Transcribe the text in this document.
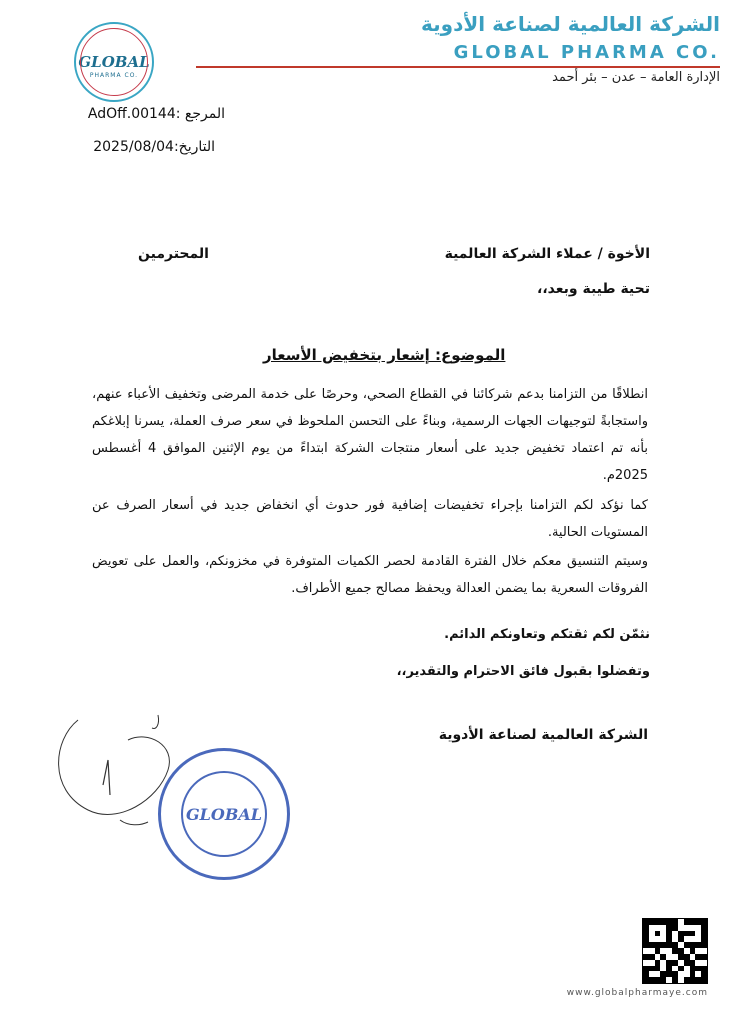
GLOBAL
PHARMA CO.
الشركة العالمية لصناعة الأدوية
GLOBAL PHARMA CO.
الإدارة العامة – عدن – بئر أحمد
المرجع :AdOff.00144
التاريخ:2025/08/04
الأخوة / عملاء الشركة العالمية
المحترمين
تحية طيبة وبعد،،
الموضوع: إشعار بتخفيض الأسعار
انطلاقًا من التزامنا بدعم شركائنا في القطاع الصحي، وحرصًا على خدمة المرضى وتخفيف الأعباء عنهم، واستجابةً لتوجيهات الجهات الرسمية، وبناءً على التحسن الملحوظ في سعر صرف العملة، يسرنا إبلاغكم بأنه تم اعتماد تخفيض جديد على أسعار منتجات الشركة ابتداءً من يوم الإثنين الموافق 4 أغسطس 2025م.
كما نؤكد لكم التزامنا بإجراء تخفيضات إضافية فور حدوث أي انخفاض جديد في أسعار الصرف عن المستويات الحالية.
وسيتم التنسيق معكم خلال الفترة القادمة لحصر الكميات المتوفرة في مخزونكم، والعمل على تعويض الفروقات السعرية بما يضمن العدالة ويحفظ مصالح جميع الأطراف.
نثمّن لكم ثقتكم وتعاونكم الدائم.
وتفضلوا بقبول فائق الاحترام والتقدير،،
الشركة العالمية لصناعة الأدوية
GLOBAL
www.globalpharmaye.com
